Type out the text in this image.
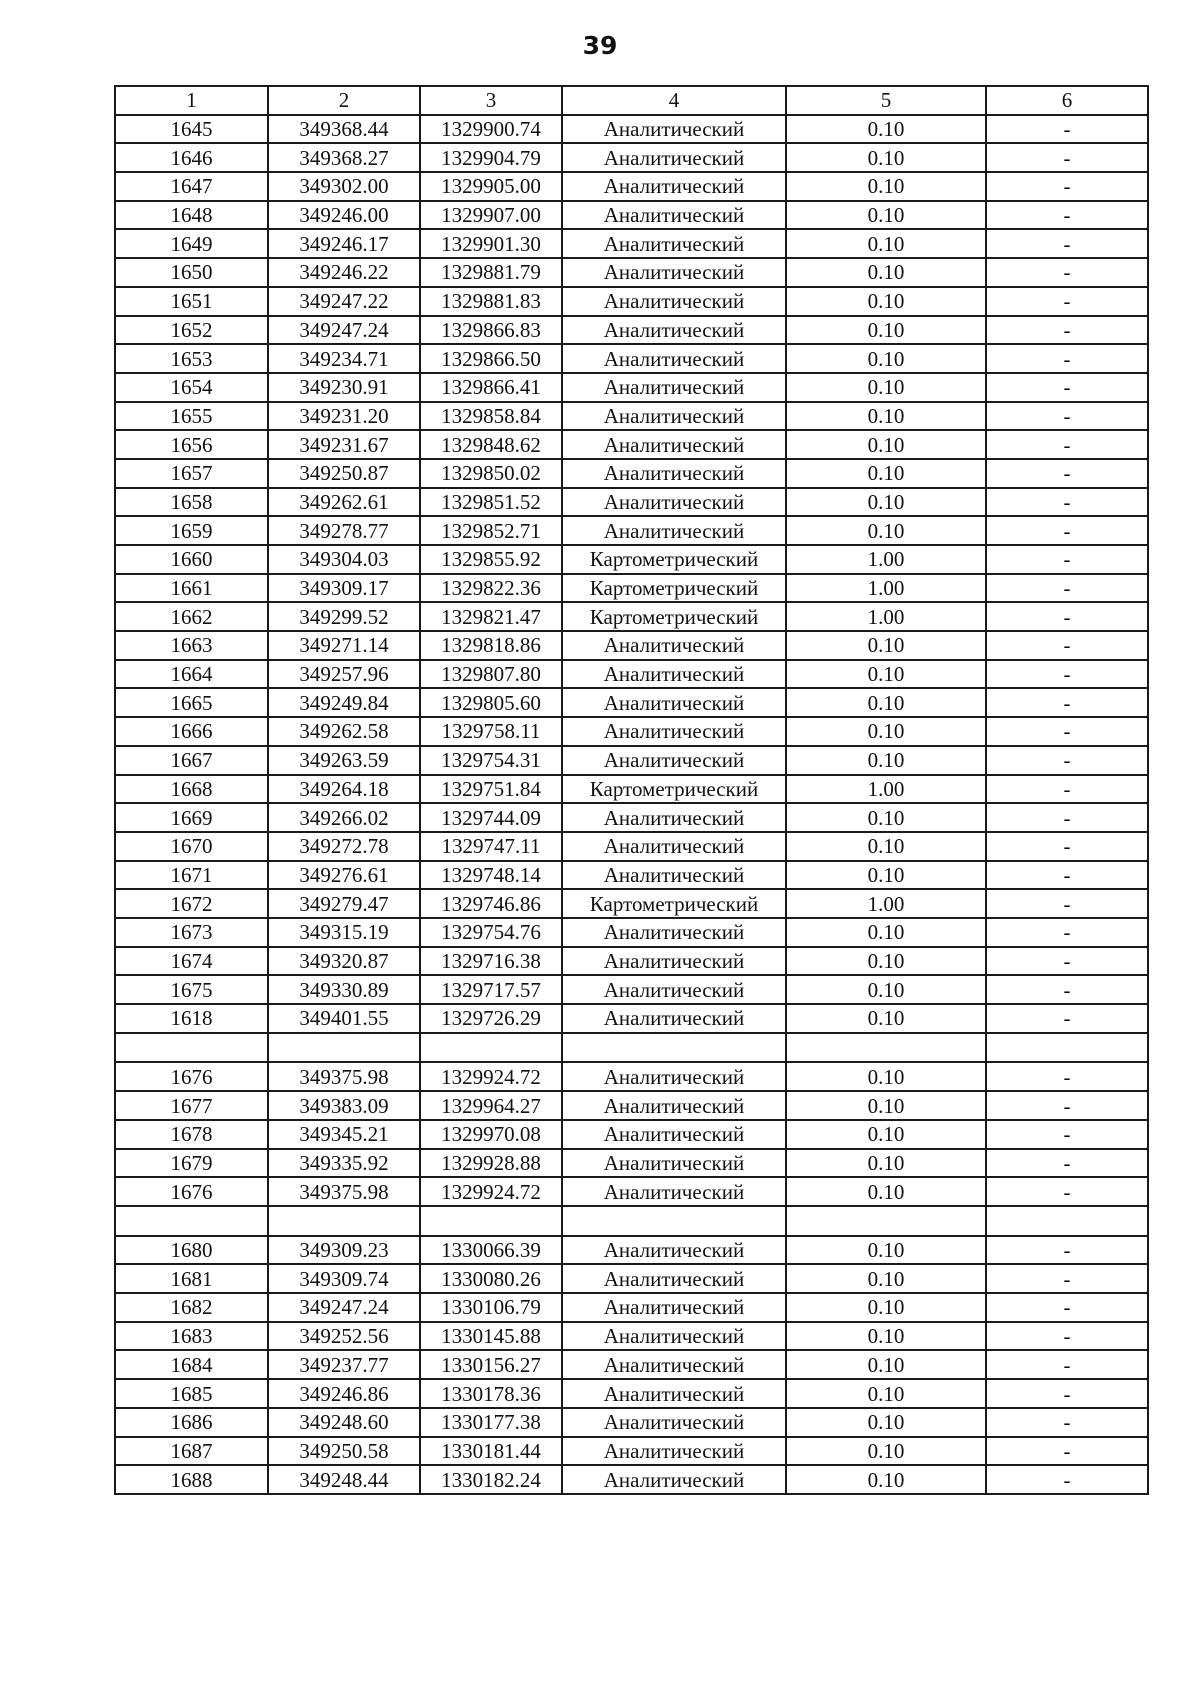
39
1	2	3	4	5	6
1645	349368.44	1329900.74	Аналитический	0.10	-
1646	349368.27	1329904.79	Аналитический	0.10	-
1647	349302.00	1329905.00	Аналитический	0.10	-
1648	349246.00	1329907.00	Аналитический	0.10	-
1649	349246.17	1329901.30	Аналитический	0.10	-
1650	349246.22	1329881.79	Аналитический	0.10	-
1651	349247.22	1329881.83	Аналитический	0.10	-
1652	349247.24	1329866.83	Аналитический	0.10	-
1653	349234.71	1329866.50	Аналитический	0.10	-
1654	349230.91	1329866.41	Аналитический	0.10	-
1655	349231.20	1329858.84	Аналитический	0.10	-
1656	349231.67	1329848.62	Аналитический	0.10	-
1657	349250.87	1329850.02	Аналитический	0.10	-
1658	349262.61	1329851.52	Аналитический	0.10	-
1659	349278.77	1329852.71	Аналитический	0.10	-
1660	349304.03	1329855.92	Картометрический	1.00	-
1661	349309.17	1329822.36	Картометрический	1.00	-
1662	349299.52	1329821.47	Картометрический	1.00	-
1663	349271.14	1329818.86	Аналитический	0.10	-
1664	349257.96	1329807.80	Аналитический	0.10	-
1665	349249.84	1329805.60	Аналитический	0.10	-
1666	349262.58	1329758.11	Аналитический	0.10	-
1667	349263.59	1329754.31	Аналитический	0.10	-
1668	349264.18	1329751.84	Картометрический	1.00	-
1669	349266.02	1329744.09	Аналитический	0.10	-
1670	349272.78	1329747.11	Аналитический	0.10	-
1671	349276.61	1329748.14	Аналитический	0.10	-
1672	349279.47	1329746.86	Картометрический	1.00	-
1673	349315.19	1329754.76	Аналитический	0.10	-
1674	349320.87	1329716.38	Аналитический	0.10	-
1675	349330.89	1329717.57	Аналитический	0.10	-
1618	349401.55	1329726.29	Аналитический	0.10	-

1676	349375.98	1329924.72	Аналитический	0.10	-
1677	349383.09	1329964.27	Аналитический	0.10	-
1678	349345.21	1329970.08	Аналитический	0.10	-
1679	349335.92	1329928.88	Аналитический	0.10	-
1676	349375.98	1329924.72	Аналитический	0.10	-

1680	349309.23	1330066.39	Аналитический	0.10	-
1681	349309.74	1330080.26	Аналитический	0.10	-
1682	349247.24	1330106.79	Аналитический	0.10	-
1683	349252.56	1330145.88	Аналитический	0.10	-
1684	349237.77	1330156.27	Аналитический	0.10	-
1685	349246.86	1330178.36	Аналитический	0.10	-
1686	349248.60	1330177.38	Аналитический	0.10	-
1687	349250.58	1330181.44	Аналитический	0.10	-
1688	349248.44	1330182.24	Аналитический	0.10	-
